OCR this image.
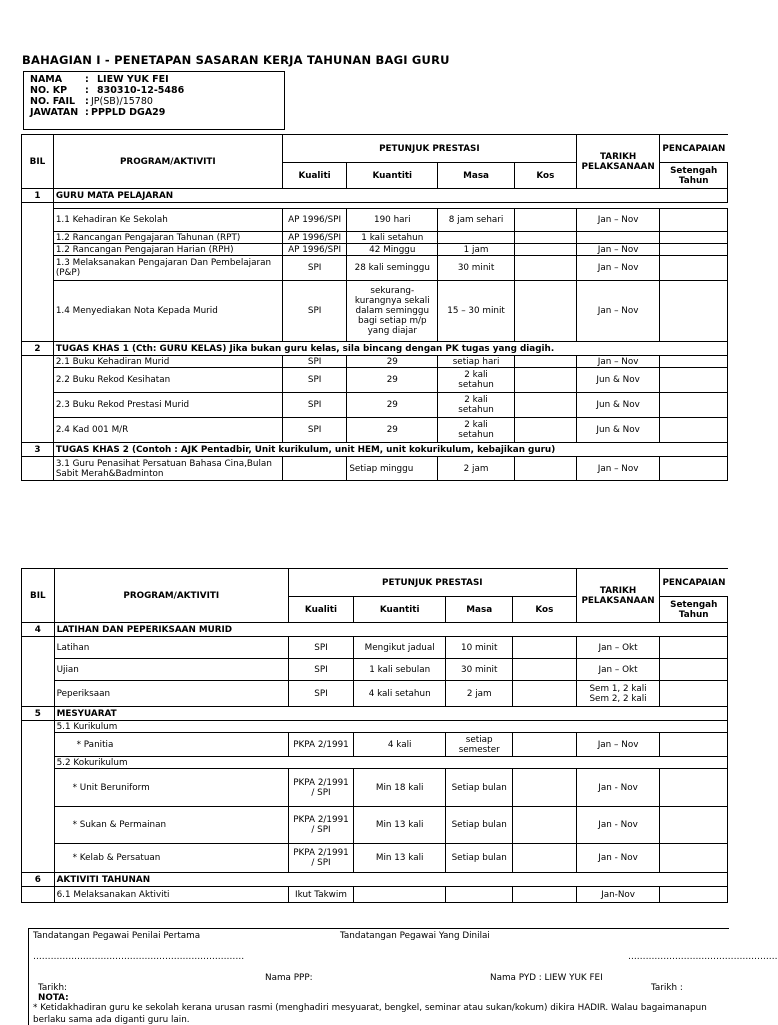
BAHAGIAN I - PENETAPAN SASARAN KERJA TAHUNAN BAGI GURU
NAMA	: LIEW YUK FEI
NO. KP	: 830310-12-5486
NO. FAIL	: JP(SB)/15780
JAWATAN : PPPLD DGA29
BIL	PROGRAM/AKTIVITI	PETUNJUK PRESTASI				TARIKH PELAKSANAAN	PENCAPAIAN
		Kualiti	Kuantiti	Masa	Kos		Setengah Tahun
1	GURU MATA PELAJARAN						

	1.1 Kehadiran Ke Sekolah	AP 1996/SPI	190 hari	8 jam sehari		Jan – Nov	
	1.2 Rancangan Pengajaran Tahunan (RPT)	AP 1996/SPI	1 kali setahun				
	1.2 Rancangan Pengajaran Harian (RPH)	AP 1996/SPI	42 Minggu	1 jam		Jan – Nov	
	1.3 Melaksanakan Pengajaran Dan Pembelajaran (P&P)	SPI	28 kali seminggu	30 minit		Jan – Nov	
	1.4 Menyediakan Nota Kepada Murid	SPI	sekurang-kurangnya sekali dalam seminggu bagi setiap m/p yang diajar	15 – 30 minit		Jan – Nov	
2	TUGAS KHAS 1 (Cth: GURU KELAS) Jika bukan guru kelas, sila bincang dengan PK tugas yang diagih.						
	2.1 Buku Kehadiran Murid	SPI	29	setiap hari		Jan – Nov	
	2.2 Buku Rekod Kesihatan	SPI	29	2 kali setahun		Jun & Nov	
	2.3 Buku Rekod Prestasi Murid	SPI	29	2 kali setahun		Jun & Nov	
	2.4 Kad 001 M/R	SPI	29	2 kali setahun		Jun & Nov	
3	TUGAS KHAS 2 (Contoh : AJK Pentadbir, Unit kurikulum, unit HEM, unit kokurikulum, kebajikan guru)						
	3.1 Guru Penasihat Persatuan Bahasa Cina,Bulan Sabit Merah&Badminton		Setiap minggu	2 jam		Jan – Nov	
BIL	PROGRAM/AKTIVITI	PETUNJUK PRESTASI				TARIKH PELAKSANAAN	PENCAPAIAN
		Kualiti	Kuantiti	Masa	Kos		Setengah Tahun
4	LATIHAN DAN PEPERIKSAAN MURID						
	Latihan	SPI	Mengikut jadual	10 minit		Jan – Okt	
	Ujian	SPI	1 kali sebulan	30 minit		Jan – Okt	
	Peperiksaan	SPI	4 kali setahun	2 jam		Sem 1, 2 kali Sem 2, 2 kali	
5	MESYUARAT						
	5.1 Kurikulum						
	* Panitia	PKPA 2/1991	4 kali	setiap semester		Jan – Nov	
	5.2 Kokurikulum						
	* Unit Beruniform	PKPA 2/1991 / SPI	Min 18 kali	Setiap bulan		Jan - Nov	
	* Sukan & Permainan	PKPA 2/1991 / SPI	Min 13 kali	Setiap bulan		Jan - Nov	
	* Kelab & Persatuan	PKPA 2/1991 / SPI	Min 13 kali	Setiap bulan		Jan - Nov	
6	AKTIVITI TAHUNAN						
	6.1 Melaksanakan Aktiviti	Ikut Takwim				Jan-Nov	
Tandatangan Pegawai Penilai Pertama	Tandatangan Pegawai Yang Dinilai
………………………………………………………………	……………………………………………
Nama PPP:	Nama PYD : LIEW YUK FEI
Tarikh:	Tarikh :
NOTA:
* Ketidakhadiran guru ke sekolah kerana urusan rasmi (menghadiri mesyuarat, bengkel, seminar atau sukan/kokum) dikira HADIR. Walau bagaimanapun
berlaku sama ada diganti guru lain.
